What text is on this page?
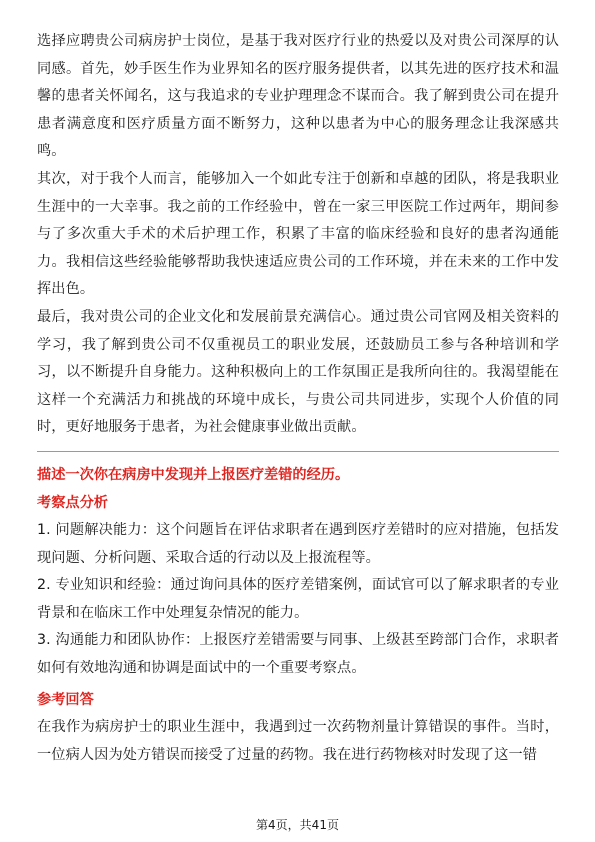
选择应聘贵公司病房护士岗位，是基于我对医疗行业的热爱以及对贵公司深厚的认同感。首先，妙手医生作为业界知名的医疗服务提供者，以其先进的医疗技术和温馨的患者关怀闻名，这与我追求的专业护理理念不谋而合。我了解到贵公司在提升患者满意度和医疗质量方面不断努力，这种以患者为中心的服务理念让我深感共鸣。

其次，对于我个人而言，能够加入一个如此专注于创新和卓越的团队，将是我职业生涯中的一大幸事。我之前的工作经验中，曾在一家三甲医院工作过两年，期间参与了多次重大手术的术后护理工作，积累了丰富的临床经验和良好的患者沟通能力。我相信这些经验能够帮助我快速适应贵公司的工作环境，并在未来的工作中发挥出色。

最后，我对贵公司的企业文化和发展前景充满信心。通过贵公司官网及相关资料的学习，我了解到贵公司不仅重视员工的职业发展，还鼓励员工参与各种培训和学习，以不断提升自身能力。这种积极向上的工作氛围正是我所向往的。我渴望能在这样一个充满活力和挑战的环境中成长，与贵公司共同进步，实现个人价值的同时，更好地服务于患者，为社会健康事业做出贡献。

描述一次你在病房中发现并上报医疗差错的经历。

考察点分析

1. 问题解决能力：这个问题旨在评估求职者在遇到医疗差错时的应对措施，包括发现问题、分析问题、采取合适的行动以及上报流程等。

2. 专业知识和经验：通过询问具体的医疗差错案例，面试官可以了解求职者的专业背景和在临床工作中处理复杂情况的能力。

3. 沟通能力和团队协作：上报医疗差错需要与同事、上级甚至跨部门合作，求职者如何有效地沟通和协调是面试中的一个重要考察点。

参考回答

在我作为病房护士的职业生涯中，我遇到过一次药物剂量计算错误的事件。当时，一位病人因为处方错误而接受了过量的药物。我在进行药物核对时发现了这一错

第4页，共41页
